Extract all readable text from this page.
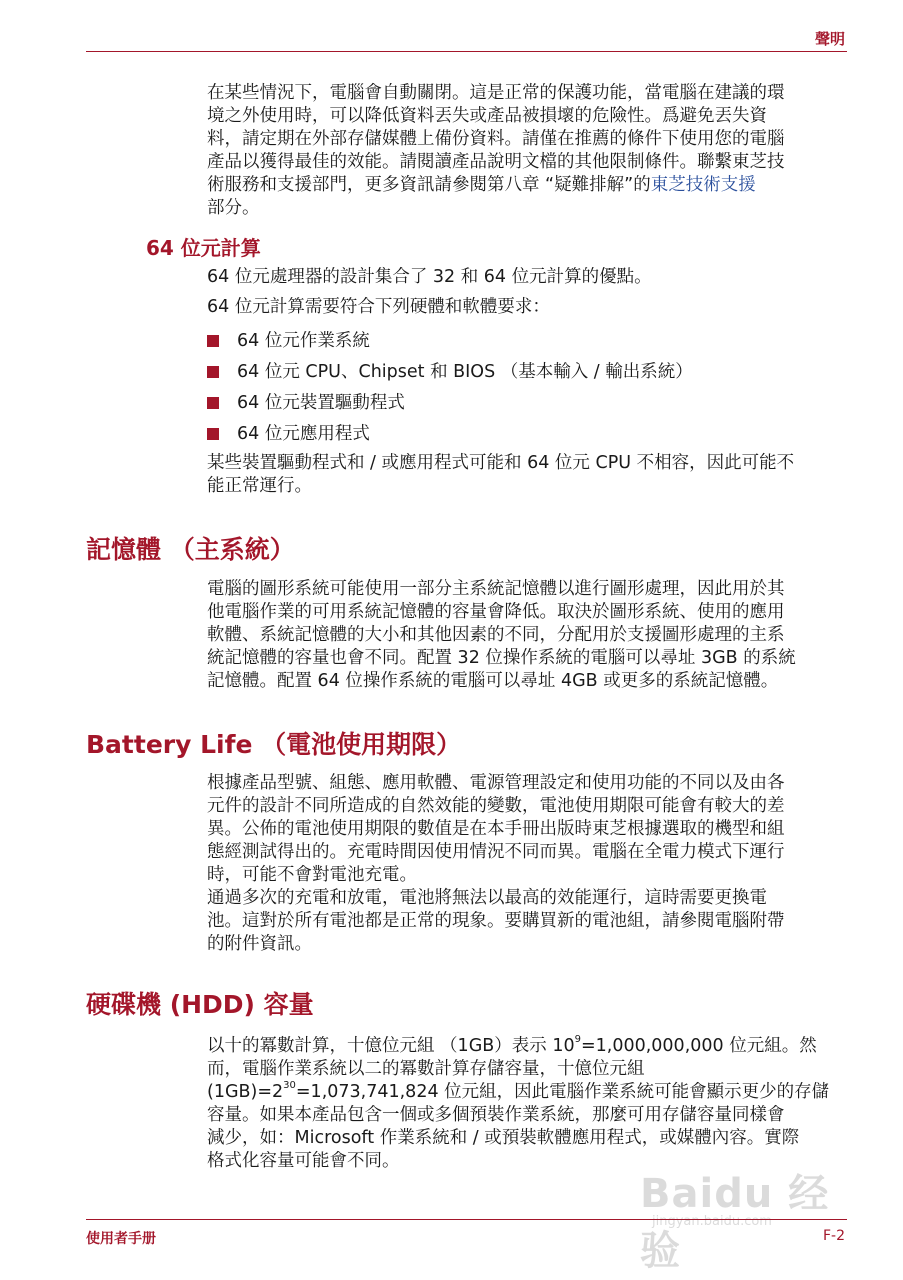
聲明

在某些情況下，電腦會自動關閉。這是正常的保護功能，當電腦在建議的環
境之外使用時，可以降低資料丟失或產品被損壞的危險性。爲避免丟失資
料，請定期在外部存儲媒體上備份資料。請僅在推薦的條件下使用您的電腦
產品以獲得最佳的效能。請閱讀產品說明文檔的其他限制條件。聯繫東芝技
術服務和支援部門，更多資訊請參閱第八章 “疑難排解”的東芝技術支援
部分。

64 位元計算

64 位元處理器的設計集合了 32 和 64 位元計算的優點。

64 位元計算需要符合下列硬體和軟體要求：

64 位元作業系統
64 位元 CPU、Chipset 和 BIOS （基本輸入 / 輸出系統）
64 位元裝置驅動程式
64 位元應用程式

某些裝置驅動程式和 / 或應用程式可能和 64 位元 CPU 不相容，因此可能不
能正常運行。

記憶體 （主系統）

電腦的圖形系統可能使用一部分主系統記憶體以進行圖形處理，因此用於其
他電腦作業的可用系統記憶體的容量會降低。取決於圖形系統、使用的應用
軟體、系統記憶體的大小和其他因素的不同，分配用於支援圖形處理的主系
統記憶體的容量也會不同。配置 32 位操作系統的電腦可以尋址 3GB 的系統
記憶體。配置 64 位操作系統的電腦可以尋址 4GB 或更多的系統記憶體。

Battery Life （電池使用期限）

根據產品型號、組態、應用軟體、電源管理設定和使用功能的不同以及由各
元件的設計不同所造成的自然效能的變數，電池使用期限可能會有較大的差
異。公佈的電池使用期限的數值是在本手冊出版時東芝根據選取的機型和組
態經測試得出的。充電時間因使用情況不同而異。電腦在全電力模式下運行
時，可能不會對電池充電。

通過多次的充電和放電，電池將無法以最高的效能運行，這時需要更換電
池。這對於所有電池都是正常的現象。要購買新的電池組，請參閱電腦附帶
的附件資訊。

硬碟機 (HDD) 容量

以十的冪數計算，十億位元組 （1GB）表示 $10^9=1,000,000,000$ 位元組。然
而，電腦作業系統以二的冪數計算存儲容量，十億位元組
$(1GB)=2^{30}=1,073,741,824$ 位元組，因此電腦作業系統可能會顯示更少的存儲
容量。如果本產品包含一個或多個預裝作業系統，那麼可用存儲容量同樣會
減少，如：Microsoft 作業系統和 / 或預裝軟體應用程式，或媒體內容。實際
格式化容量可能會不同。

Baidu 经验
jingyan.baidu.com
使用者手册	F-2
